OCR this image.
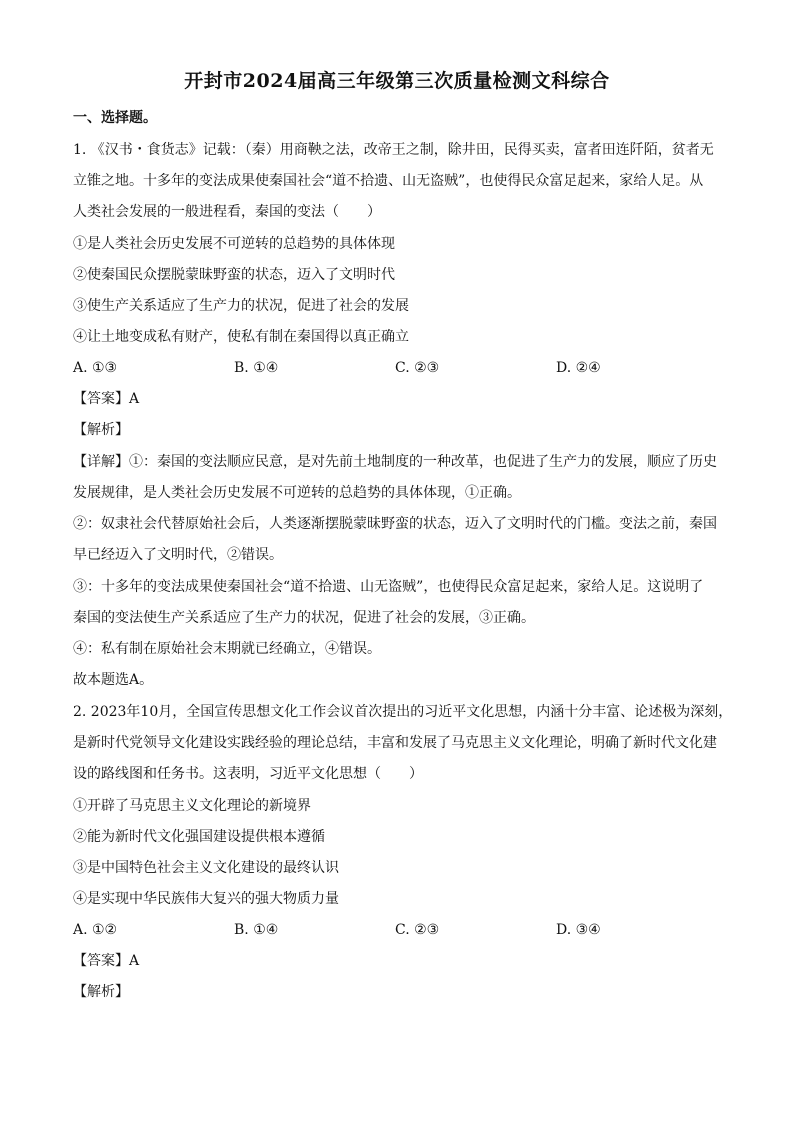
开封市2024届高三年级第三次质量检测文科综合
一、选择题。
1. 《汉书・食货志》记载：（秦）用商鞅之法，改帝王之制，除井田，民得买卖，富者田连阡陌，贫者无
立锥之地。十多年的变法成果使秦国社会“道不拾遗、山无盗贼”，也使得民众富足起来，家给人足。从
人类社会发展的一般进程看，秦国的变法（　　）
①是人类社会历史发展不可逆转的总趋势的具体体现
②使秦国民众摆脱蒙昧野蛮的状态，迈入了文明时代
③使生产关系适应了生产力的状况，促进了社会的发展
④让土地变成私有财产，使私有制在秦国得以真正确立
A. ①③	B. ①④	C. ②③	D. ②④
【答案】A
【解析】
【详解】①：秦国的变法顺应民意，是对先前土地制度的一种改革，也促进了生产力的发展，顺应了历史
发展规律，是人类社会历史发展不可逆转的总趋势的具体体现，①正确。
②：奴隶社会代替原始社会后，人类逐渐摆脱蒙昧野蛮的状态，迈入了文明时代的门槛。变法之前，秦国
早已经迈入了文明时代，②错误。
③：十多年的变法成果使秦国社会“道不拾遗、山无盗贼”，也使得民众富足起来，家给人足。这说明了
秦国的变法使生产关系适应了生产力的状况，促进了社会的发展，③正确。
④：私有制在原始社会末期就已经确立，④错误。
故本题选A。
2. 2023年10月，全国宣传思想文化工作会议首次提出的习近平文化思想，内涵十分丰富、论述极为深刻，
是新时代党领导文化建设实践经验的理论总结，丰富和发展了马克思主义文化理论，明确了新时代文化建
设的路线图和任务书。这表明，习近平文化思想（　　）
①开辟了马克思主义文化理论的新境界
②能为新时代文化强国建设提供根本遵循
③是中国特色社会主义文化建设的最终认识
④是实现中华民族伟大复兴的强大物质力量
A. ①②	B. ①④	C. ②③	D. ③④
【答案】A
【解析】
